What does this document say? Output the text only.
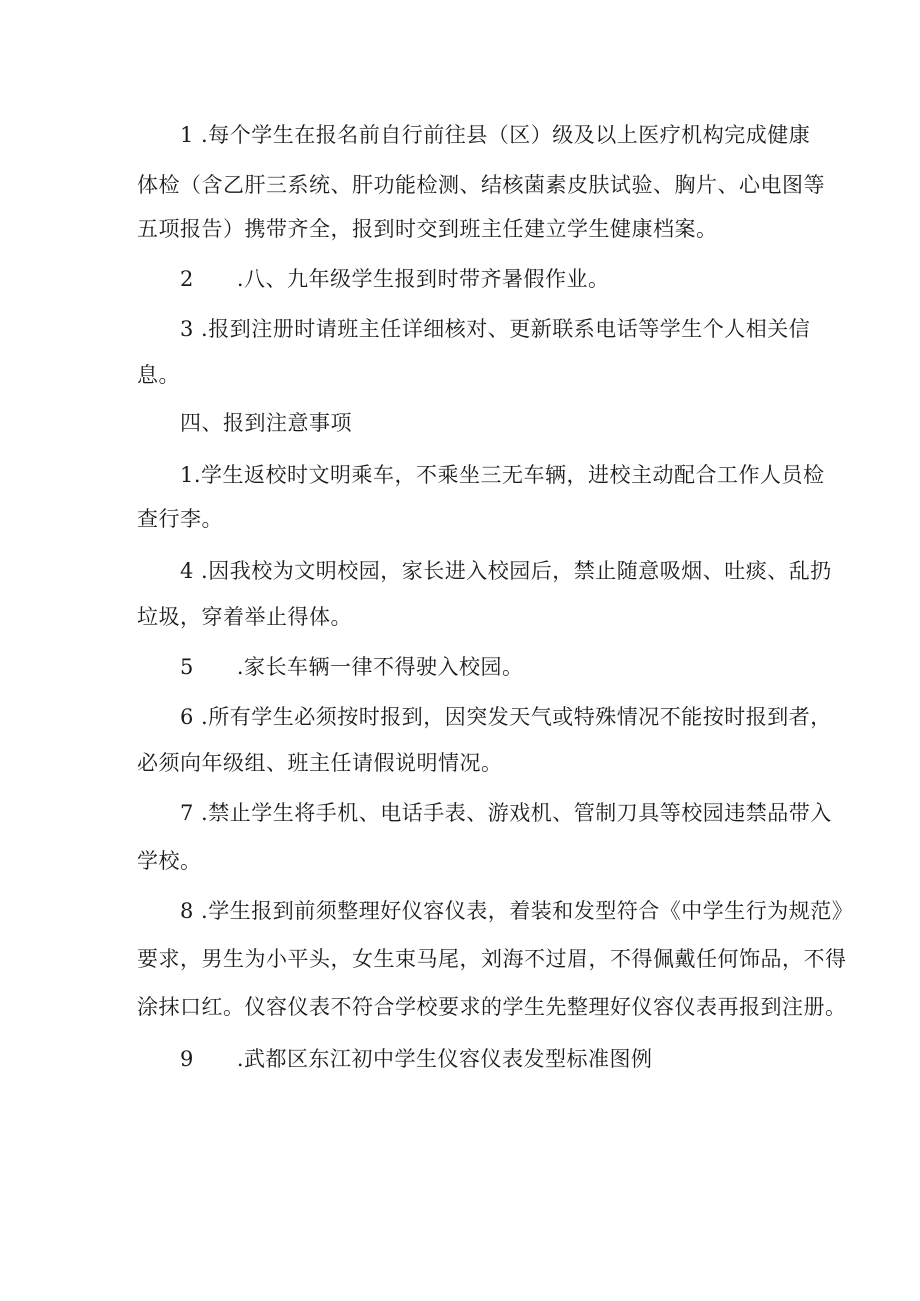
1 .每个学生在报名前自行前往县（区）级及以上医疗机构完成健康
体检（含乙肝三系统、肝功能检测、结核菌素皮肤试验、胸片、心电图等
五项报告）携带齐全，报到时交到班主任建立学生健康档案。
2　　.八、九年级学生报到时带齐暑假作业。
3 .报到注册时请班主任详细核对、更新联系电话等学生个人相关信
息。
四、报到注意事项
1.学生返校时文明乘车，不乘坐三无车辆，进校主动配合工作人员检
查行李。
4 .因我校为文明校园，家长进入校园后，禁止随意吸烟、吐痰、乱扔
垃圾，穿着举止得体。
5　　.家长车辆一律不得驶入校园。
6 .所有学生必须按时报到，因突发天气或特殊情况不能按时报到者，
必须向年级组、班主任请假说明情况。
7 .禁止学生将手机、电话手表、游戏机、管制刀具等校园违禁品带入
学校。
8 .学生报到前须整理好仪容仪表，着装和发型符合《中学生行为规范》
要求，男生为小平头，女生束马尾，刘海不过眉，不得佩戴任何饰品，不得
涂抹口红。仪容仪表不符合学校要求的学生先整理好仪容仪表再报到注册。
9　　.武都区东江初中学生仪容仪表发型标准图例
